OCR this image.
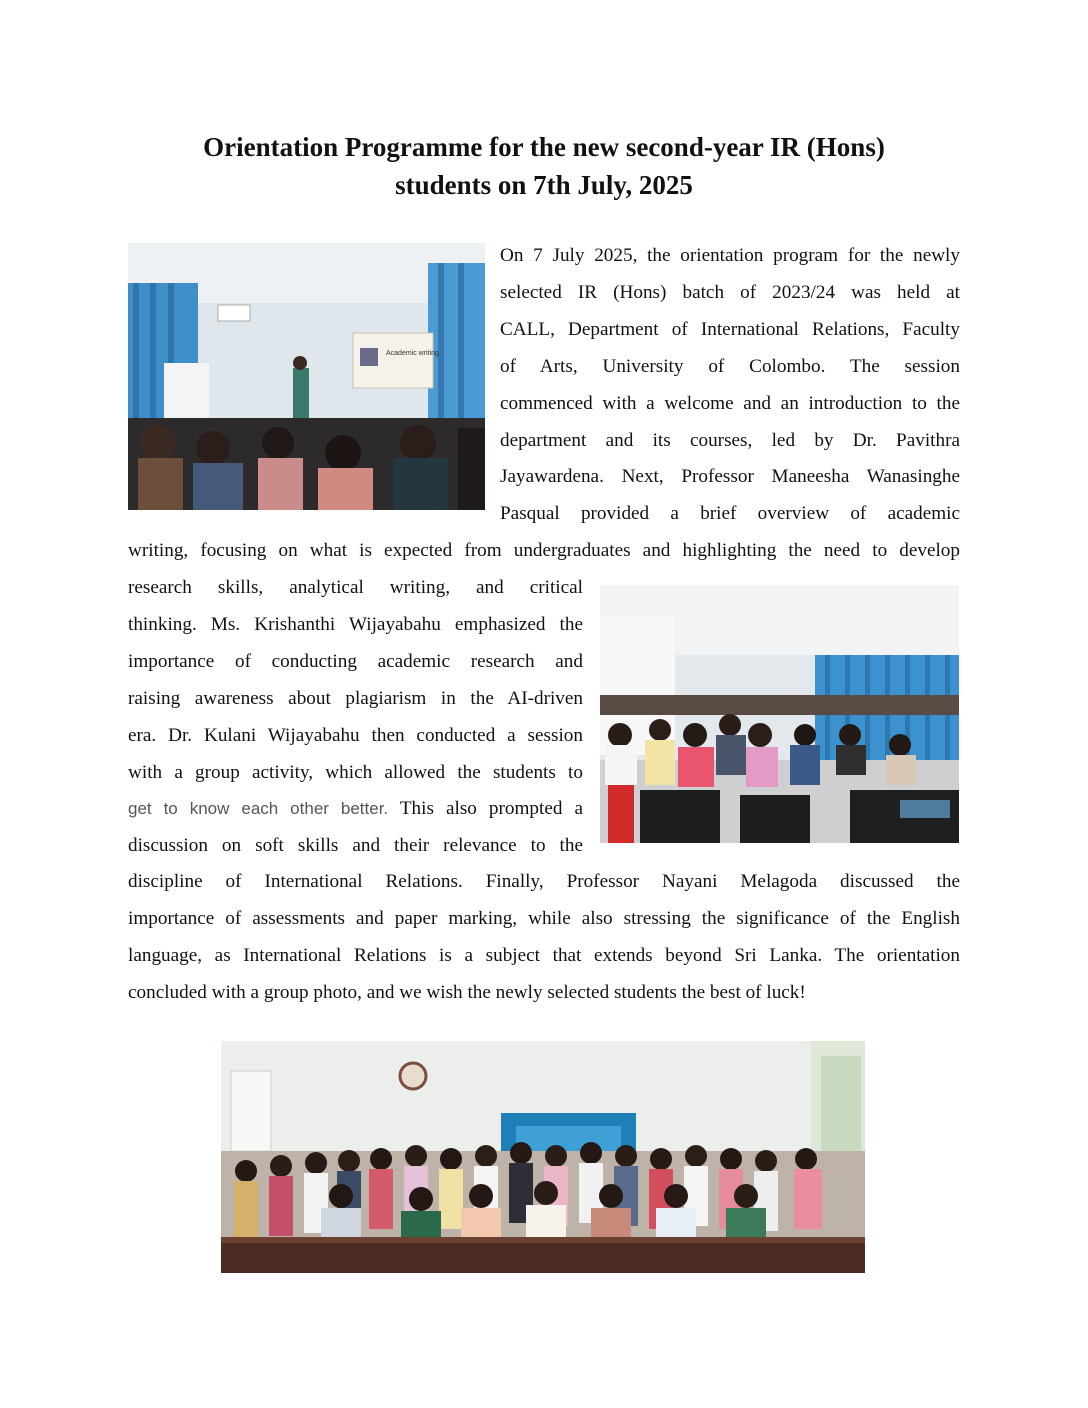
Orientation Programme for the new second-year IR (Hons)
students on 7th July, 2025
Academic writing
On 7 July 2025, the orientation program for the newly
selected IR (Hons) batch of 2023/24 was held at
CALL, Department of International Relations, Faculty
of Arts, University of Colombo. The session
commenced with a welcome and an introduction to the
department and its courses, led by Dr. Pavithra
Jayawardena. Next, Professor Maneesha Wanasinghe
Pasqual provided a brief overview of academic
writing, focusing on what is expected from undergraduates and highlighting the need to develop
research skills, analytical writing, and critical
thinking. Ms. Krishanthi Wijayabahu emphasized the
importance of conducting academic research and
raising awareness about plagiarism in the AI-driven
era. Dr. Kulani Wijayabahu then conducted a session
with a group activity, which allowed the students to
get to know each other better. This also prompted a
discussion on soft skills and their relevance to the
discipline of International Relations. Finally, Professor Nayani Melagoda discussed the
importance of assessments and paper marking, while also stressing the significance of the English
language, as International Relations is a subject that extends beyond Sri Lanka. The orientation
concluded with a group photo, and we wish the newly selected students the best of luck!
